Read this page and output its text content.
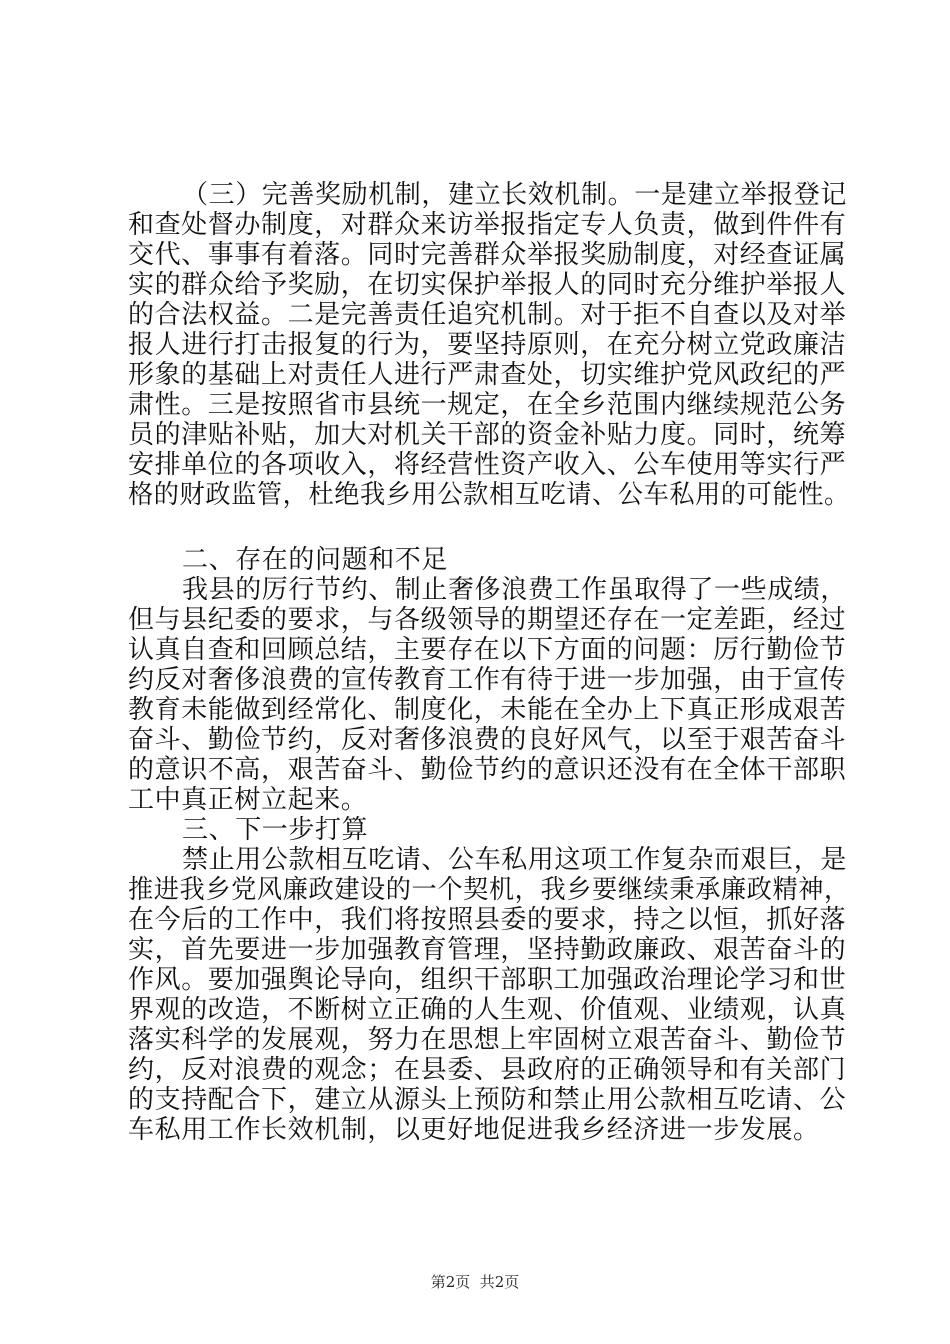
（三）完善奖励机制，建立长效机制。一是建立举报登记
和查处督办制度，对群众来访举报指定专人负责，做到件件有
交代、事事有着落。同时完善群众举报奖励制度，对经查证属
实的群众给予奖励，在切实保护举报人的同时充分维护举报人
的合法权益。二是完善责任追究机制。对于拒不自查以及对举
报人进行打击报复的行为，要坚持原则，在充分树立党政廉洁
形象的基础上对责任人进行严肃查处，切实维护党风政纪的严
肃性。三是按照省市县统一规定，在全乡范围内继续规范公务
员的津贴补贴，加大对机关干部的资金补贴力度。同时，统筹
安排单位的各项收入，将经营性资产收入、公车使用等实行严
格的财政监管，杜绝我乡用公款相互吃请、公车私用的可能性。
二、存在的问题和不足
我县的厉行节约、制止奢侈浪费工作虽取得了一些成绩，
但与县纪委的要求，与各级领导的期望还存在一定差距，经过
认真自查和回顾总结，主要存在以下方面的问题：厉行勤俭节
约反对奢侈浪费的宣传教育工作有待于进一步加强，由于宣传
教育未能做到经常化、制度化，未能在全办上下真正形成艰苦
奋斗、勤俭节约，反对奢侈浪费的良好风气，以至于艰苦奋斗
的意识不高，艰苦奋斗、勤俭节约的意识还没有在全体干部职
工中真正树立起来。
三、下一步打算
禁止用公款相互吃请、公车私用这项工作复杂而艰巨，是
推进我乡党风廉政建设的一个契机，我乡要继续秉承廉政精神，
在今后的工作中，我们将按照县委的要求，持之以恒，抓好落
实，首先要进一步加强教育管理，坚持勤政廉政、艰苦奋斗的
作风。要加强舆论导向，组织干部职工加强政治理论学习和世
界观的改造，不断树立正确的人生观、价值观、业绩观，认真
落实科学的发展观，努力在思想上牢固树立艰苦奋斗、勤俭节
约，反对浪费的观念；在县委、县政府的正确领导和有关部门
的支持配合下，建立从源头上预防和禁止用公款相互吃请、公
车私用工作长效机制，以更好地促进我乡经济进一步发展。
第2页  共2页
